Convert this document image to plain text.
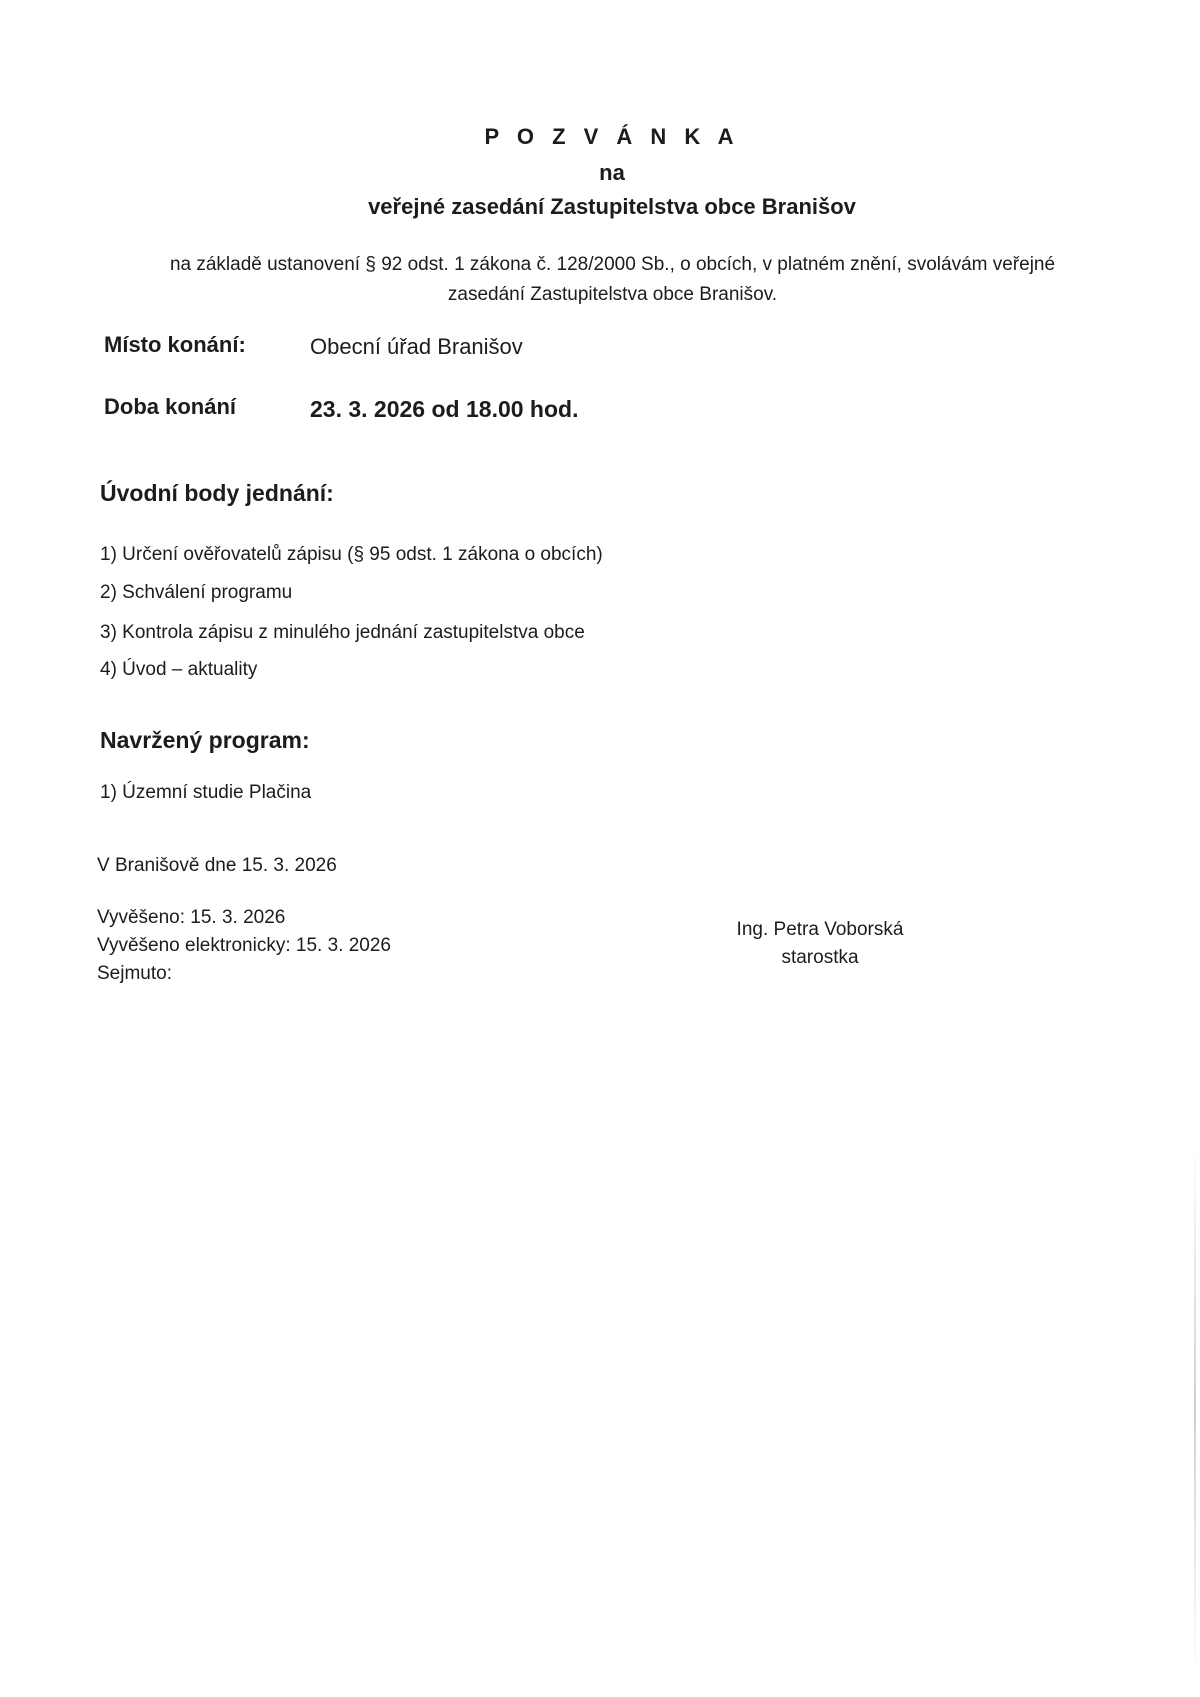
P O Z V Á N K A
na
veřejné zasedání Zastupitelstva obce Branišov
na základě ustanovení § 92 odst. 1 zákona č. 128/2000 Sb., o obcích, v platném znění, svolávám veřejné
zasedání Zastupitelstva obce Branišov.
Místo konání:	Obecní úřad Branišov
Doba konání	23. 3. 2026 od 18.00 hod.
Úvodní body jednání:
1) Určení ověřovatelů zápisu (§ 95 odst. 1 zákona o obcích)
2) Schválení programu
3) Kontrola zápisu z minulého jednání zastupitelstva obce
4) Úvod – aktuality
Navržený program:
1) Územní studie Plačina
V Branišově dne 15. 3. 2026
Vyvěšeno: 15. 3. 2026
Vyvěšeno elektronicky: 15. 3. 2026
Sejmuto:
Ing. Petra Voborská
starostka
